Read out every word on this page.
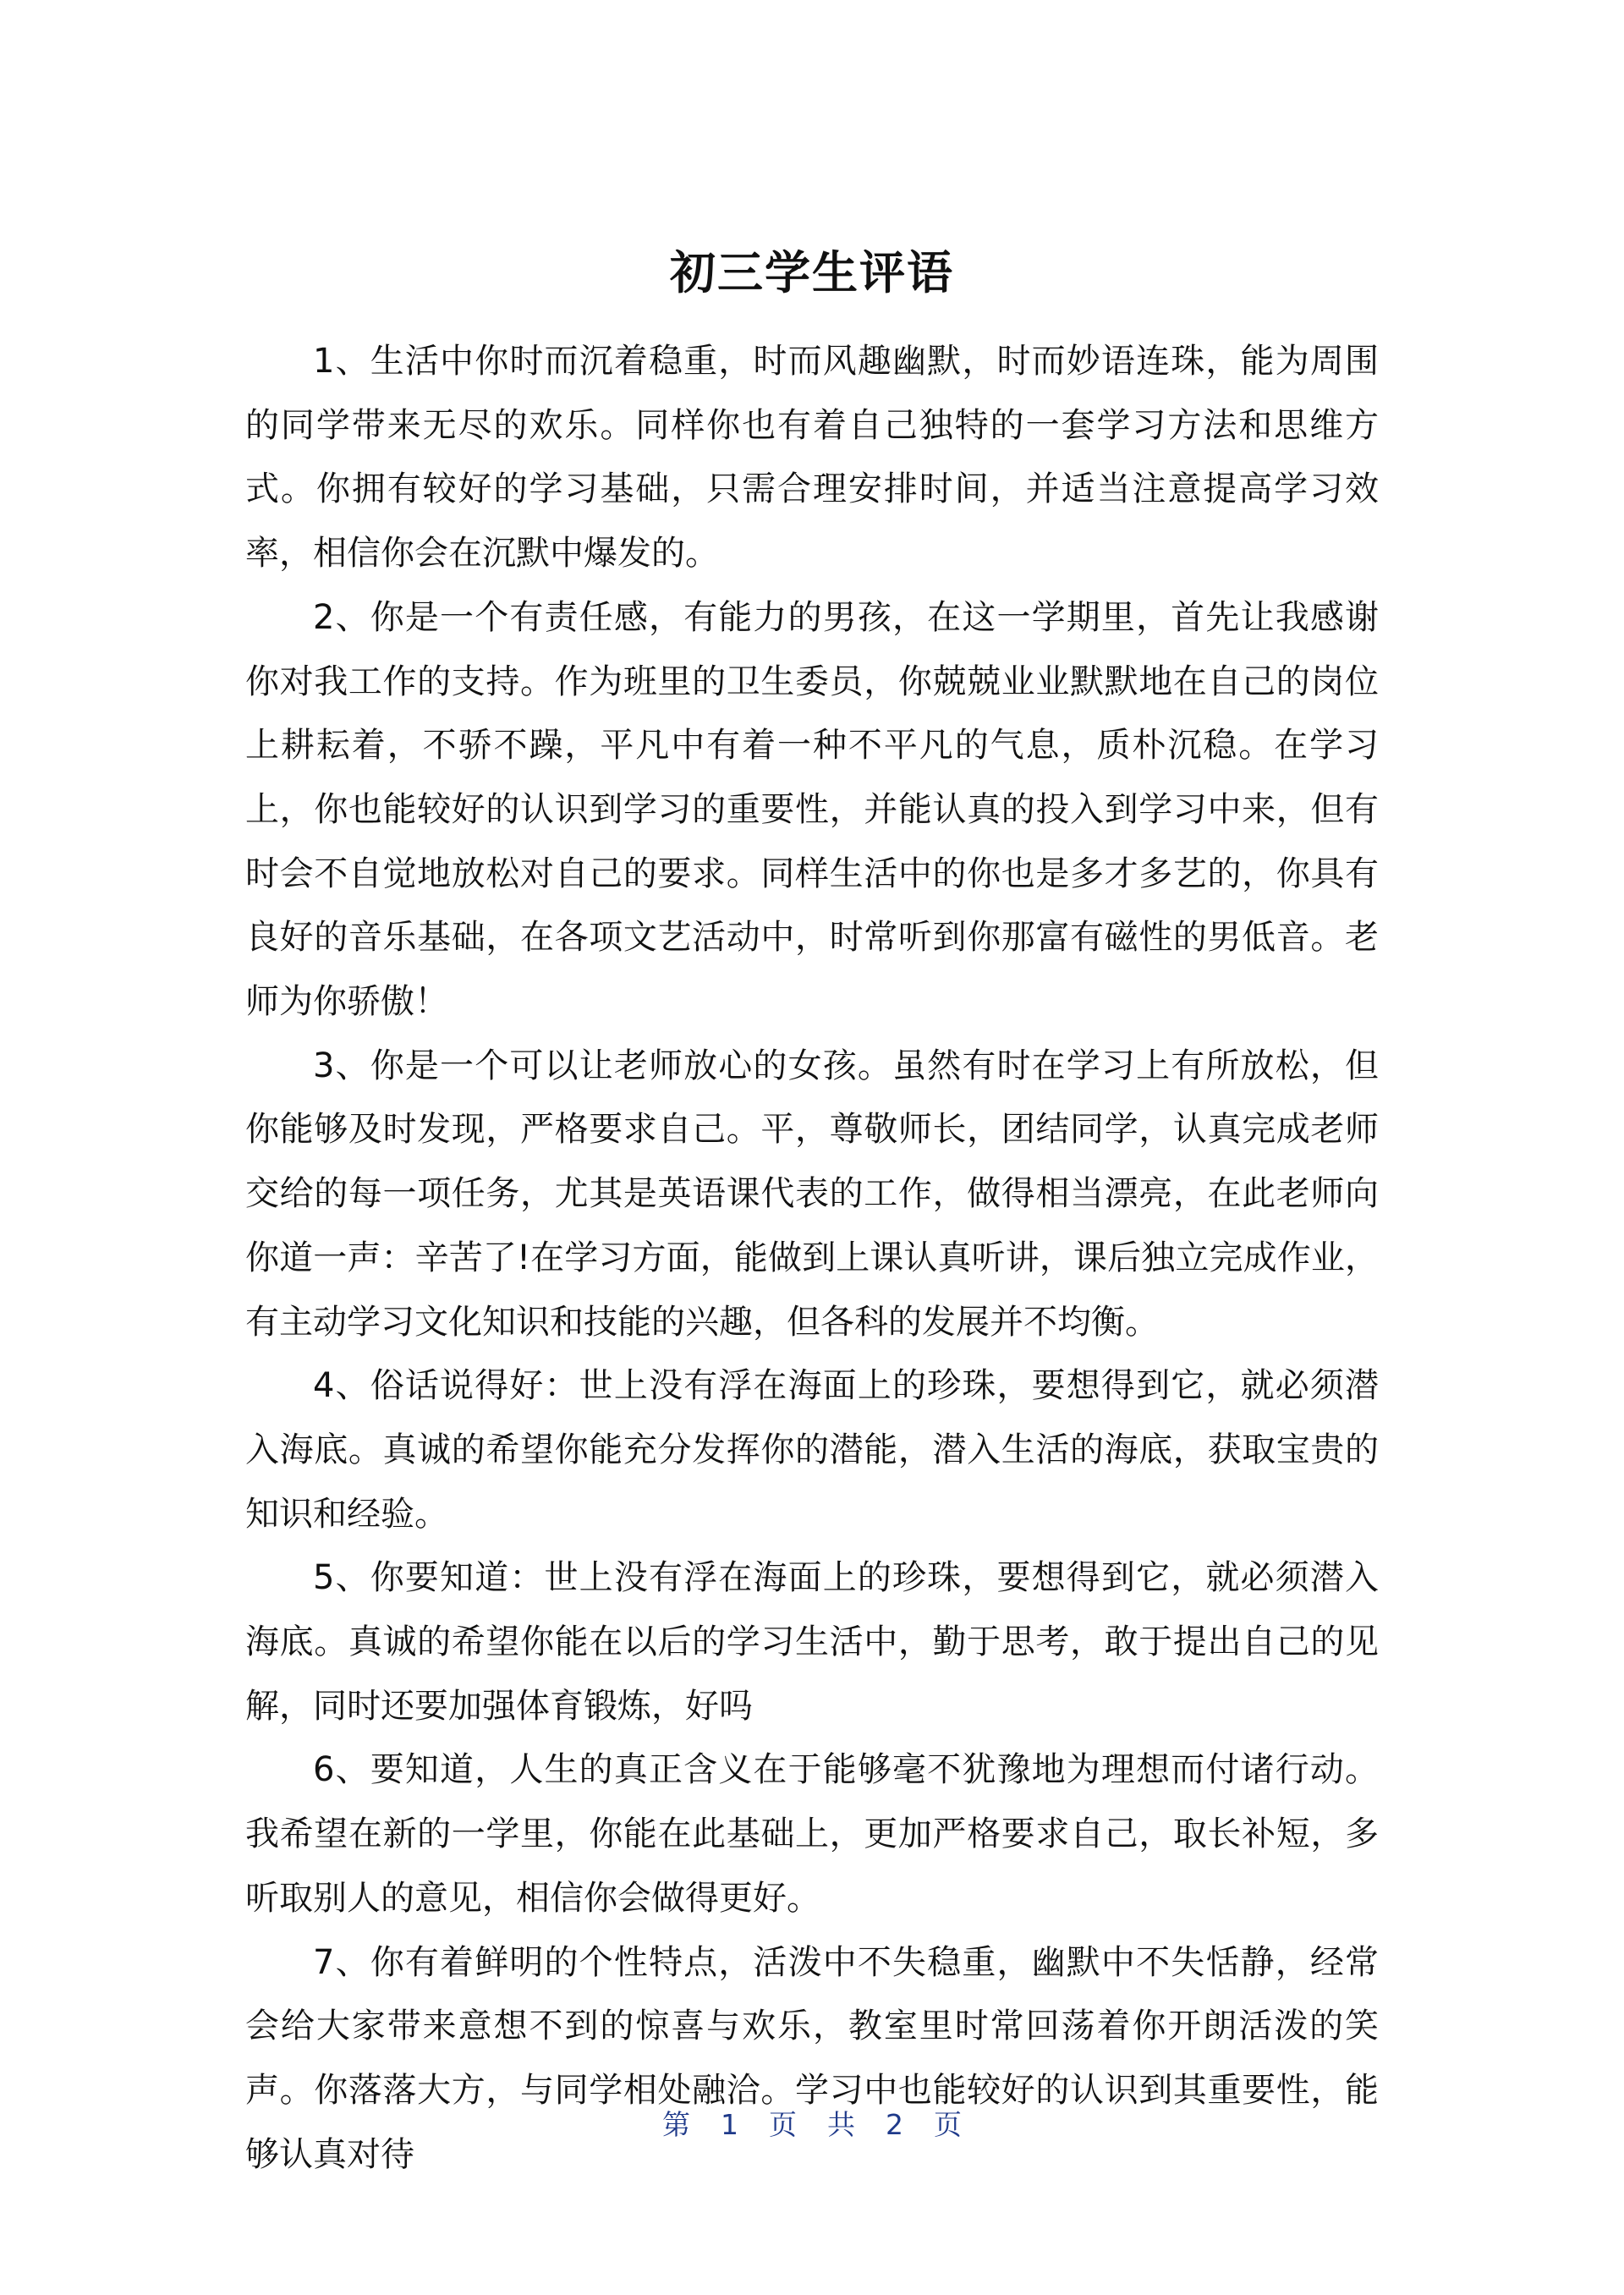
初三学生评语

1、生活中你时而沉着稳重，时而风趣幽默，时而妙语连珠，能为周围的同学带来无尽的欢乐。同样你也有着自己独特的一套学习方法和思维方式。你拥有较好的学习基础，只需合理安排时间，并适当注意提高学习效率，相信你会在沉默中爆发的。

2、你是一个有责任感，有能力的男孩，在这一学期里，首先让我感谢你对我工作的支持。作为班里的卫生委员，你兢兢业业默默地在自己的岗位上耕耘着，不骄不躁，平凡中有着一种不平凡的气息，质朴沉稳。在学习上，你也能较好的认识到学习的重要性，并能认真的投入到学习中来，但有时会不自觉地放松对自己的要求。同样生活中的你也是多才多艺的，你具有良好的音乐基础，在各项文艺活动中，时常听到你那富有磁性的男低音。老师为你骄傲！

3、你是一个可以让老师放心的女孩。虽然有时在学习上有所放松，但你能够及时发现，严格要求自己。平，尊敬师长，团结同学，认真完成老师交给的每一项任务，尤其是英语课代表的工作，做得相当漂亮，在此老师向你道一声：辛苦了!在学习方面，能做到上课认真听讲，课后独立完成作业，有主动学习文化知识和技能的兴趣，但各科的发展并不均衡。

4、俗话说得好：世上没有浮在海面上的珍珠，要想得到它，就必须潜入海底。真诚的希望你能充分发挥你的潜能，潜入生活的海底，获取宝贵的知识和经验。

5、你要知道：世上没有浮在海面上的珍珠，要想得到它，就必须潜入海底。真诚的希望你能在以后的学习生活中，勤于思考，敢于提出自己的见解，同时还要加强体育锻炼，好吗

6、要知道，人生的真正含义在于能够毫不犹豫地为理想而付诸行动。我希望在新的一学里，你能在此基础上，更加严格要求自己，取长补短，多听取别人的意见，相信你会做得更好。

7、你有着鲜明的个性特点，活泼中不失稳重，幽默中不失恬静，经常会给大家带来意想不到的惊喜与欢乐，教室里时常回荡着你开朗活泼的笑声。你落落大方，与同学相处融洽。学习中也能较好的认识到其重要性，能够认真对待

第 1 页 共 2 页
